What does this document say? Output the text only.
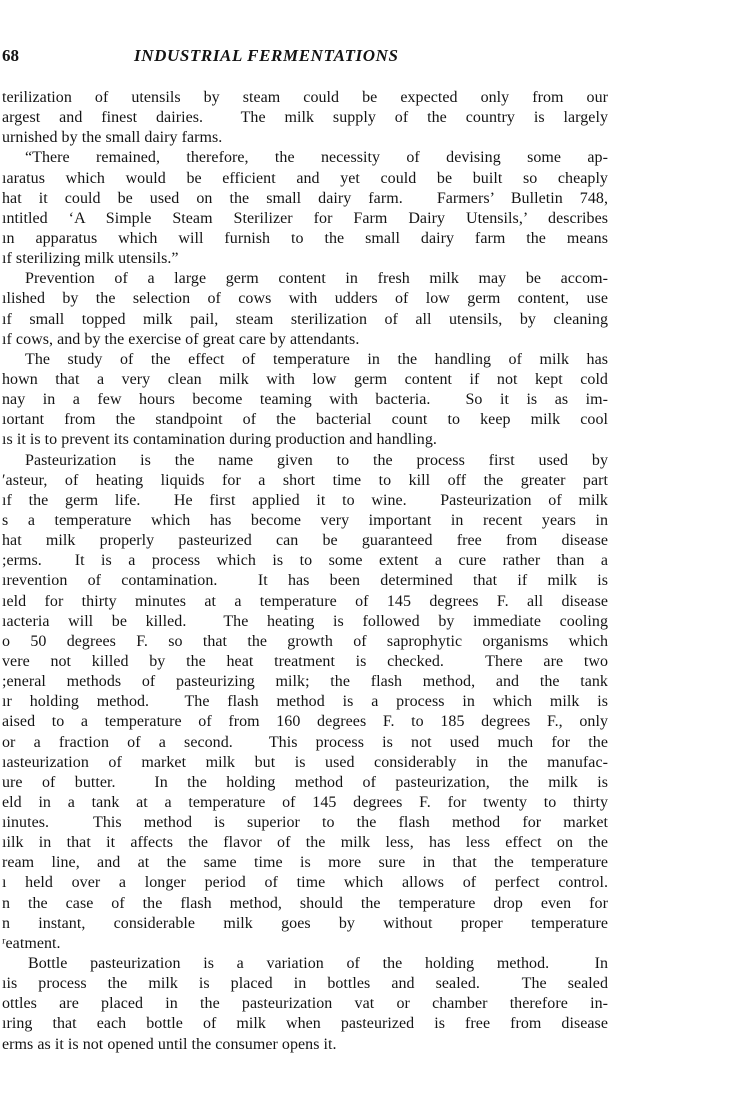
68	INDUSTRIAL FERMENTATIONS
terilization of utensils by steam could be expected only from our
argest and finest dairies.  The milk supply of the country is largely
urnished by the small dairy farms.
“There remained, therefore, the necessity of devising some ap-
ıaratus which would be efficient and yet could be built so cheaply
hat it could be used on the small dairy farm.  Farmers’ Bulletin 748,
ıntitled ‘A Simple Steam Sterilizer for Farm Dairy Utensils,’ describes
ın apparatus which will furnish to the small dairy farm the means
ıf sterilizing milk utensils.”
Prevention of a large germ content in fresh milk may be accom-
ılished by the selection of cows with udders of low germ content, use
ıf small topped milk pail, steam sterilization of all utensils, by cleaning
ıf cows, and by the exercise of great care by attendants.
The study of the effect of temperature in the handling of milk has
hown that a very clean milk with low germ content if not kept cold
nay in a few hours become teaming with bacteria.  So it is as im-
ıortant from the standpoint of the bacterial count to keep milk cool
ıs it is to prevent its contamination during production and handling.
Pasteurization is the name given to the process first used by
′asteur, of heating liquids for a short time to kill off the greater part
ıf the germ life.  He first applied it to wine.  Pasteurization of milk
s a temperature which has become very important in recent years in
hat milk properly pasteurized can be guaranteed free from disease
;erms.  It is a process which is to some extent a cure rather than a
ırevention of contamination.  It has been determined that if milk is
ıeld for thirty minutes at a temperature of 145 degrees F. all disease
ıacteria will be killed.  The heating is followed by immediate cooling
o 50 degrees F. so that the growth of saprophytic organisms which
vere not killed by the heat treatment is checked.  There are two
;eneral methods of pasteurizing milk; the flash method, and the tank
ır holding method.  The flash method is a process in which milk is
aised to a temperature of from 160 degrees F. to 185 degrees F., only
or a fraction of a second.  This process is not used much for the
ıasteurization of market milk but is used considerably in the manufac-
ure of butter.  In the holding method of pasteurization, the milk is
eld in a tank at a temperature of 145 degrees F. for twenty to thirty
ıinutes.  This method is superior to the flash method for market
ıilk in that it affects the flavor of the milk less, has less effect on the
ream line, and at the same time is more sure in that the temperature
ı held over a longer period of time which allows of perfect control.
n the case of the flash method, should the temperature drop even for
n instant, considerable milk goes by without proper temperature
ʳeatment.
Bottle pasteurization is a variation of the holding method.  In
ıis process the milk is placed in bottles and sealed.  The sealed
ottles are placed in the pasteurization vat or chamber therefore in-
ıring that each bottle of milk when pasteurized is free from disease
erms as it is not opened until the consumer opens it.
